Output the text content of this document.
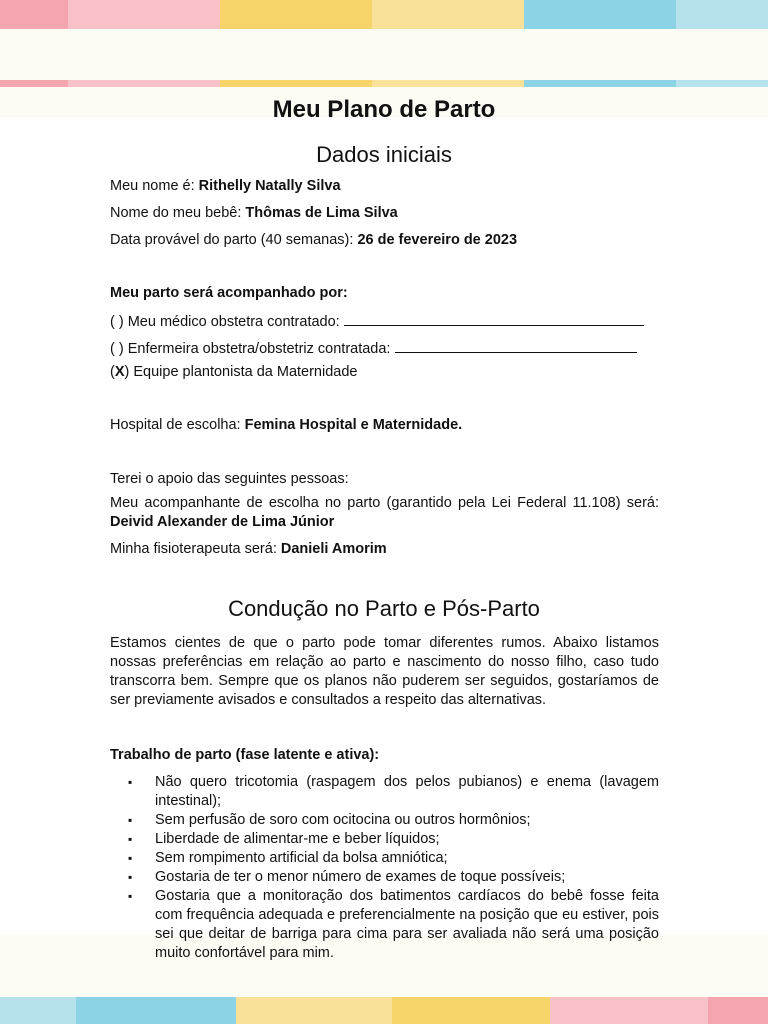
Meu Plano de Parto
Dados iniciais

Meu nome é: Rithelly Natally Silva

Nome do meu bebê: Thômas de Lima Silva

Data provável do parto (40 semanas): 26 de fevereiro de 2023

Meu parto será acompanhado por:

( ) Meu médico obstetra contratado:

( ) Enfermeira obstetra/obstetriz contratada:

(X) Equipe plantonista da Maternidade

Hospital de escolha: Femina Hospital e Maternidade.

Terei o apoio das seguintes pessoas:

Meu acompanhante de escolha no parto (garantido pela Lei Federal 11.108) será: Deivid Alexander de Lima Júnior

Minha fisioterapeuta será: Danieli Amorim

Condução no Parto e Pós-Parto

Estamos cientes de que o parto pode tomar diferentes rumos. Abaixo listamos nossas preferências em relação ao parto e nascimento do nosso filho, caso tudo transcorra bem. Sempre que os planos não puderem ser seguidos, gostaríamos de ser previamente avisados e consultados a respeito das alternativas.

Trabalho de parto (fase latente e ativa):

▪ Não quero tricotomia (raspagem dos pelos pubianos) e enema (lavagem intestinal);
▪ Sem perfusão de soro com ocitocina ou outros hormônios;
▪ Liberdade de alimentar-me e beber líquidos;
▪ Sem rompimento artificial da bolsa amniótica;
▪ Gostaria de ter o menor número de exames de toque possíveis;
▪ Gostaria que a monitoração dos batimentos cardíacos do bebê fosse feita com frequência adequada e preferencialmente na posição que eu estiver, pois sei que deitar de barriga para cima para ser avaliada não será uma posição muito confortável para mim.
